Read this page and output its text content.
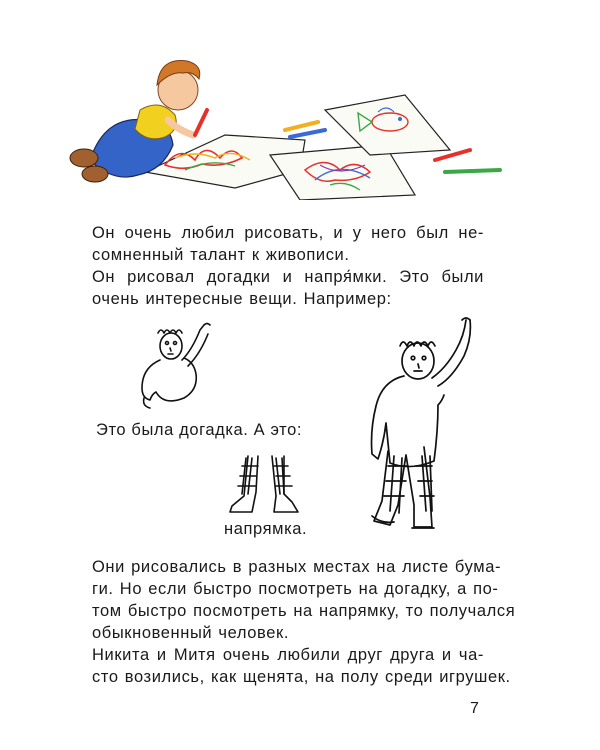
Он очень любил рисовать, и у него был не-
сомненный талант к живописи.

Он рисовал догадки и напря́мки. Это были
очень интересные вещи. Например:

Это была догадка. А это:

напрямка.

Они рисовались в разных местах на листе бума-
ги. Но если быстро посмотреть на догадку, а по-
том быстро посмотреть на напрямку, то получался
обыкновенный человек.

Никита и Митя очень любили друг друга и ча-
сто возились, как щенята, на полу среди игрушек.

7
